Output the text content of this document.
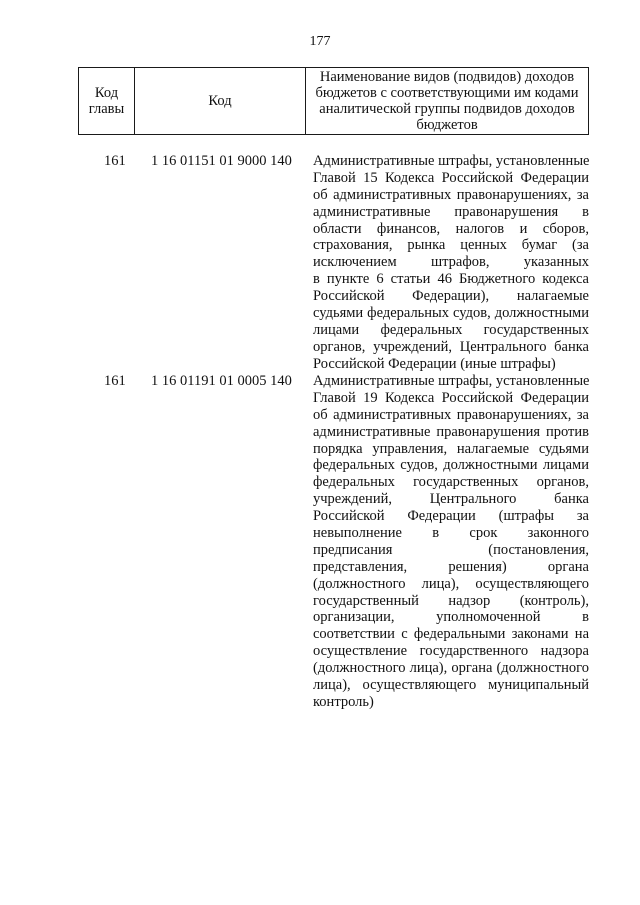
177
Код
главы	Код
Наименование видов (подвидов) доходов
бюджетов с соответствующими им кодами
аналитической группы подвидов доходов
бюджетов
161 1 16 01151 01 9000 140 Административные штрафы, установленные
Главой 15 Кодекса Российской Федерации
об административных правонарушениях, за
административные правонарушения в
области финансов, налогов и сборов,
страхования, рынка ценных бумаг (за
исключением штрафов, указанных
в пункте 6 статьи 46 Бюджетного кодекса
Российской Федерации), налагаемые
судьями федеральных судов, должностными
лицами федеральных государственных
органов, учреждений, Центрального банка
Российской Федерации (иные штрафы)
161 1 16 01191 01 0005 140 Административные штрафы, установленные
Главой 19 Кодекса Российской Федерации
об административных правонарушениях, за
административные правонарушения против
порядка управления, налагаемые судьями
федеральных судов, должностными лицами
федеральных государственных органов,
учреждений, Центрального банка
Российской Федерации (штрафы за
невыполнение в срок законного
предписания (постановления,
представления, решения) органа
(должностного лица), осуществляющего
государственный надзор (контроль),
организации, уполномоченной в
соответствии с федеральными законами на
осуществление государственного надзора
(должностного лица), органа (должностного
лица), осуществляющего муниципальный
контроль)
